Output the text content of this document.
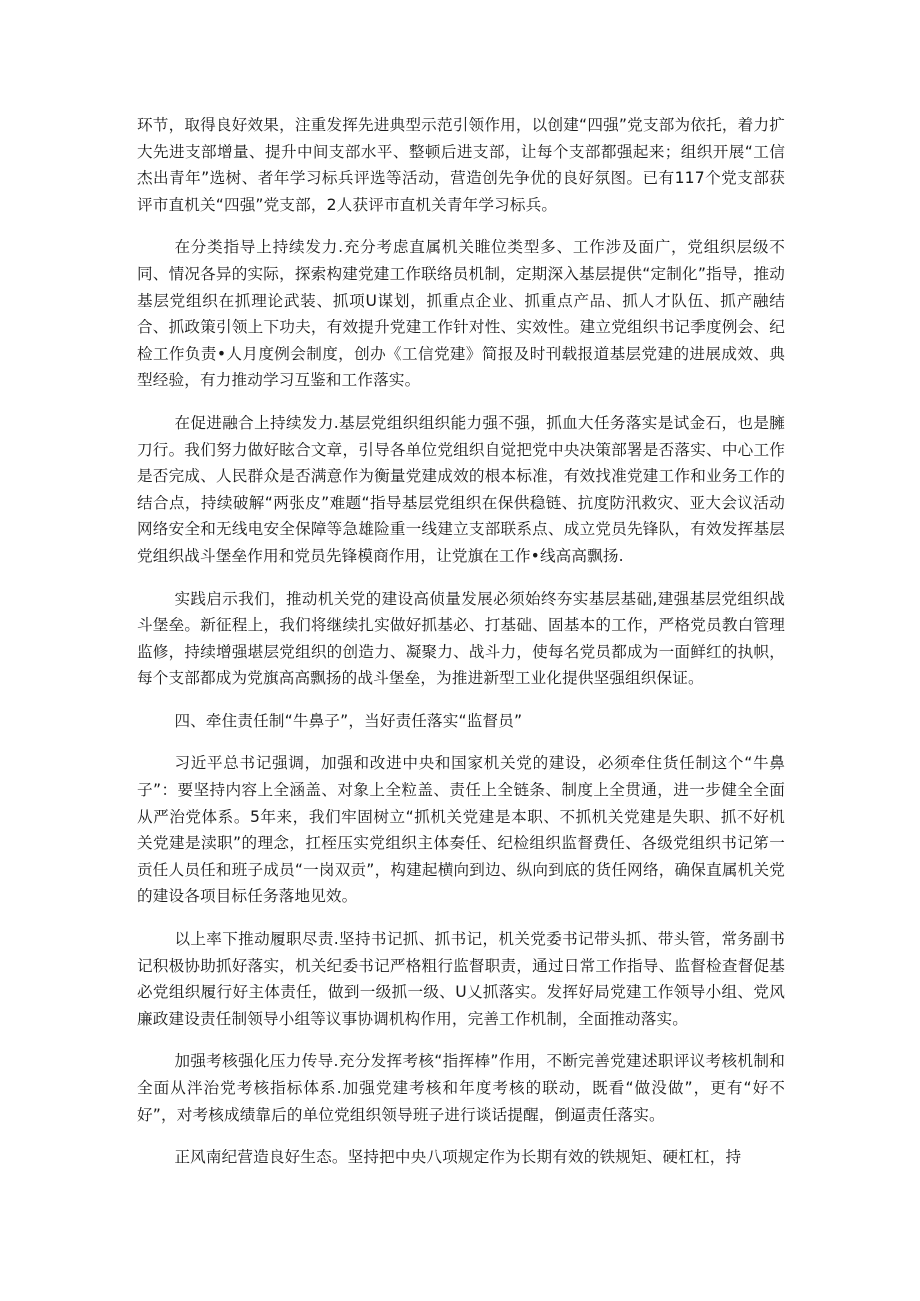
环节，取得良好效果，注重发挥先进典型示范引领作用，以创建“四强”党支部为依托，着力扩大先进支部增量、提升中间支部水平、整顿后进支部，让每个支部都强起来；组织开展“工信杰出青年”选树、者年学习标兵评选等活动，营造创先争优的良好氛图。已有117个党支部获评市直机关“四强”党支部，2人获评市直机关青年学习标兵。

在分类指导上持续发力.充分考虑直属机关睢位类型多、工作涉及面广，党组织层级不同、情况各异的实际，探索构建党建工作联络员机制，定期深入基层提供“定制化”指导，推动基层党组织在抓理论武装、抓项U谋划，抓重点企业、抓重点产品、抓人才队伍、抓产融结合、抓政策引领上下功夫，有效提升党建工作针对性、实效性。建立党组织书记季度例会、纪检工作负责•人月度例会制度，创办《工信党建》简报及时刊载报道基层党建的进展成效、典型经验，有力推动学习互鉴和工作落实。

在促进融合上持续发力.基层党组织组织能力强不强，抓血大任务落实是试金石，也是臃刀行。我们努力做好眩合文章，引导各单位党组织自觉把党中央决策部署是否落实、中心工作是否完成、人民群众是否满意作为衡量党建成效的根本标准，有效找准党建工作和业务工作的结合点，持续破解“两张皮”难题“指导基层党组织在保供稳链、抗度防汛救灾、亚大会议活动网络安全和无线电安全保障等急雄险重一线建立支部联系点、成立党员先锋队，有效发挥基层党组织战斗堡垒作用和党员先锋模商作用，让党旗在工作•线高高飘扬.

实践启示我们，推动机关党的建设高侦量发展必须始终夯实基层基础,建强基层党组织战斗堡垒。新征程上，我们将继续扎实做好抓基必、打基础、固基本的工作，严格党员教白管理监修，持续增强堪层党组织的创造力、凝聚力、战斗力，使每名党员都成为一面鲜红的执帜，每个支部都成为党旗高高飘扬的战斗堡垒，为推进新型工业化提供坚强组织保证。

四、牵住责任制“牛鼻子”，当好责任落实“监督员”

习近平总书记强调，加强和改进中央和国家机关党的建设，必须牵住货任制这个“牛鼻子”：要坚持内容上全涵盖、对象上全粒盖、责任上全链条、制度上全贯通，进一步健全全面从严治党体系。5年来，我们牢固树立“抓机关党建是本职、不抓机关党建是失职、抓不好机关党建是渎职”的理念，扛桎压实党组织主体奏任、纪检组织监督费任、各级党组织书记笫一贡任人员任和班子成员“一岗双贡”，构建起横向到边、纵向到底的货任网络，确保直属机关党的建设各项目标任务落地见效。

以上率下推动履职尽责.坚持书记抓、抓书记，机关党委书记带头抓、带头管，常务副书记积极协助抓好落实，机关纪委书记严格粗行监督职责，通过日常工作指导、监督检查督促基必党组织履行好主体责任，做到一级抓一级、U乂抓落实。发挥好局党建工作领导小组、党风廉政建设责任制领导小组等议事协调机构作用，完善工作机制，全面推动落实。

加强考核强化压力传导.充分发挥考核“指挥棒”作用，不断完善党建述职评议考核机制和全面从泮治党考核指标体系.加强党建考核和年度考核的联动，既看“做没做”，更有“好不好”，对考核成绩靠后的单位党组织领导班子进行谈话提醒，倒逼责任落实。

正风南纪营造良好生态。坚持把中央八项规定作为长期有效的铁规矩、硬杠杠，持
